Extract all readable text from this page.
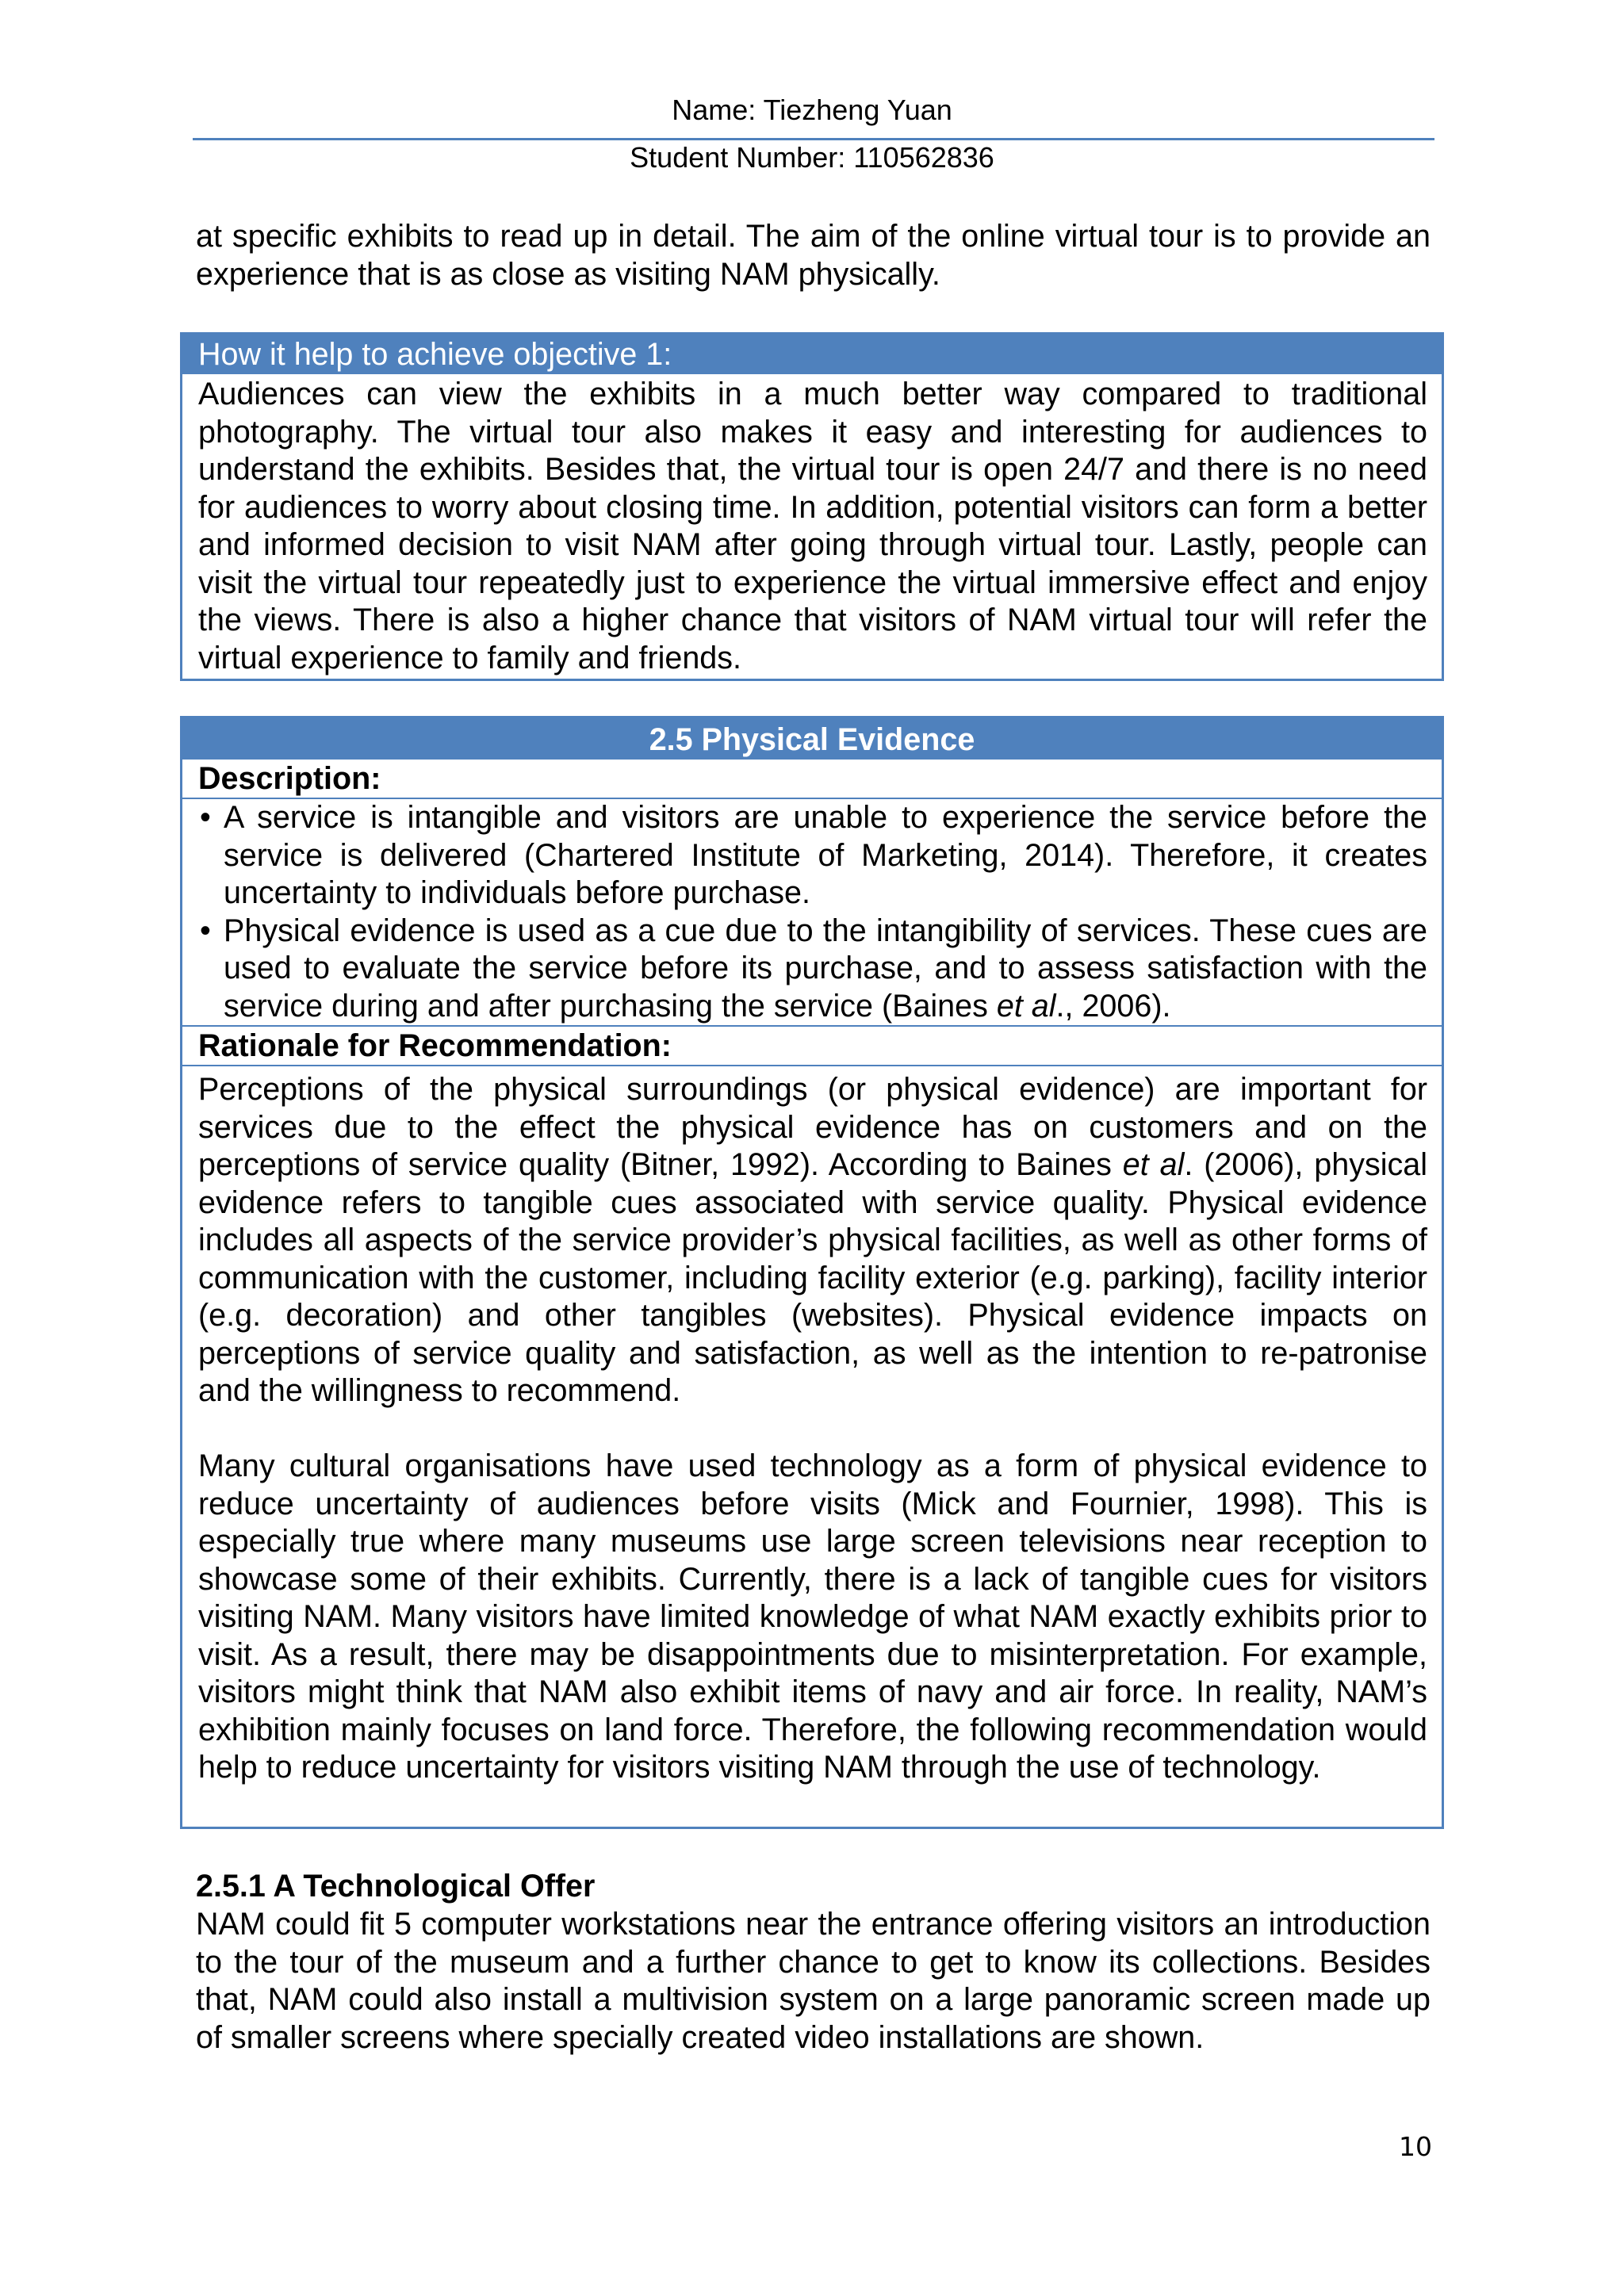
Name: Tiezheng Yuan
Student Number: 110562836
at specific exhibits to read up in detail. The aim of the online virtual tour is to provide an experience that is as close as visiting NAM physically.
How it help to achieve objective 1:
Audiences can view the exhibits in a much better way compared to traditional photography. The virtual tour also makes it easy and interesting for audiences to understand the exhibits. Besides that, the virtual tour is open 24/7 and there is no need for audiences to worry about closing time. In addition, potential visitors can form a better and informed decision to visit NAM after going through virtual tour. Lastly, people can visit the virtual tour repeatedly just to experience the virtual immersive effect and enjoy the views. There is also a higher chance that visitors of NAM virtual tour will refer the virtual experience to family and friends.
2.5 Physical Evidence
Description:
• A service is intangible and visitors are unable to experience the service before the service is delivered (Chartered Institute of Marketing, 2014). Therefore, it creates uncertainty to individuals before purchase.
• Physical evidence is used as a cue due to the intangibility of services. These cues are used to evaluate the service before its purchase, and to assess satisfaction with the service during and after purchasing the service (Baines et al., 2006).
Rationale for Recommendation:

Perceptions of the physical surroundings (or physical evidence) are important for services due to the effect the physical evidence has on customers and on the perceptions of service quality (Bitner, 1992). According to Baines et al. (2006), physical evidence refers to tangible cues associated with service quality. Physical evidence includes all aspects of the service provider’s physical facilities, as well as other forms of communication with the customer, including facility exterior (e.g. parking), facility interior (e.g. decoration) and other tangibles (websites). Physical evidence impacts on perceptions of service quality and satisfaction, as well as the intention to re-patronise and the willingness to recommend.

Many cultural organisations have used technology as a form of physical evidence to reduce uncertainty of audiences before visits (Mick and Fournier, 1998). This is especially true where many museums use large screen televisions near reception to showcase some of their exhibits. Currently, there is a lack of tangible cues for visitors visiting NAM. Many visitors have limited knowledge of what NAM exactly exhibits prior to visit. As a result, there may be disappointments due to misinterpretation. For example, visitors might think that NAM also exhibit items of navy and air force. In reality, NAM’s exhibition mainly focuses on land force. Therefore, the following recommendation would help to reduce uncertainty for visitors visiting NAM through the use of technology.

2.5.1 A Technological Offer
NAM could fit 5 computer workstations near the entrance offering visitors an introduction to the tour of the museum and a further chance to get to know its collections. Besides that, NAM could also install a multivision system on a large panoramic screen made up of smaller screens where specially created video installations are shown.
10
